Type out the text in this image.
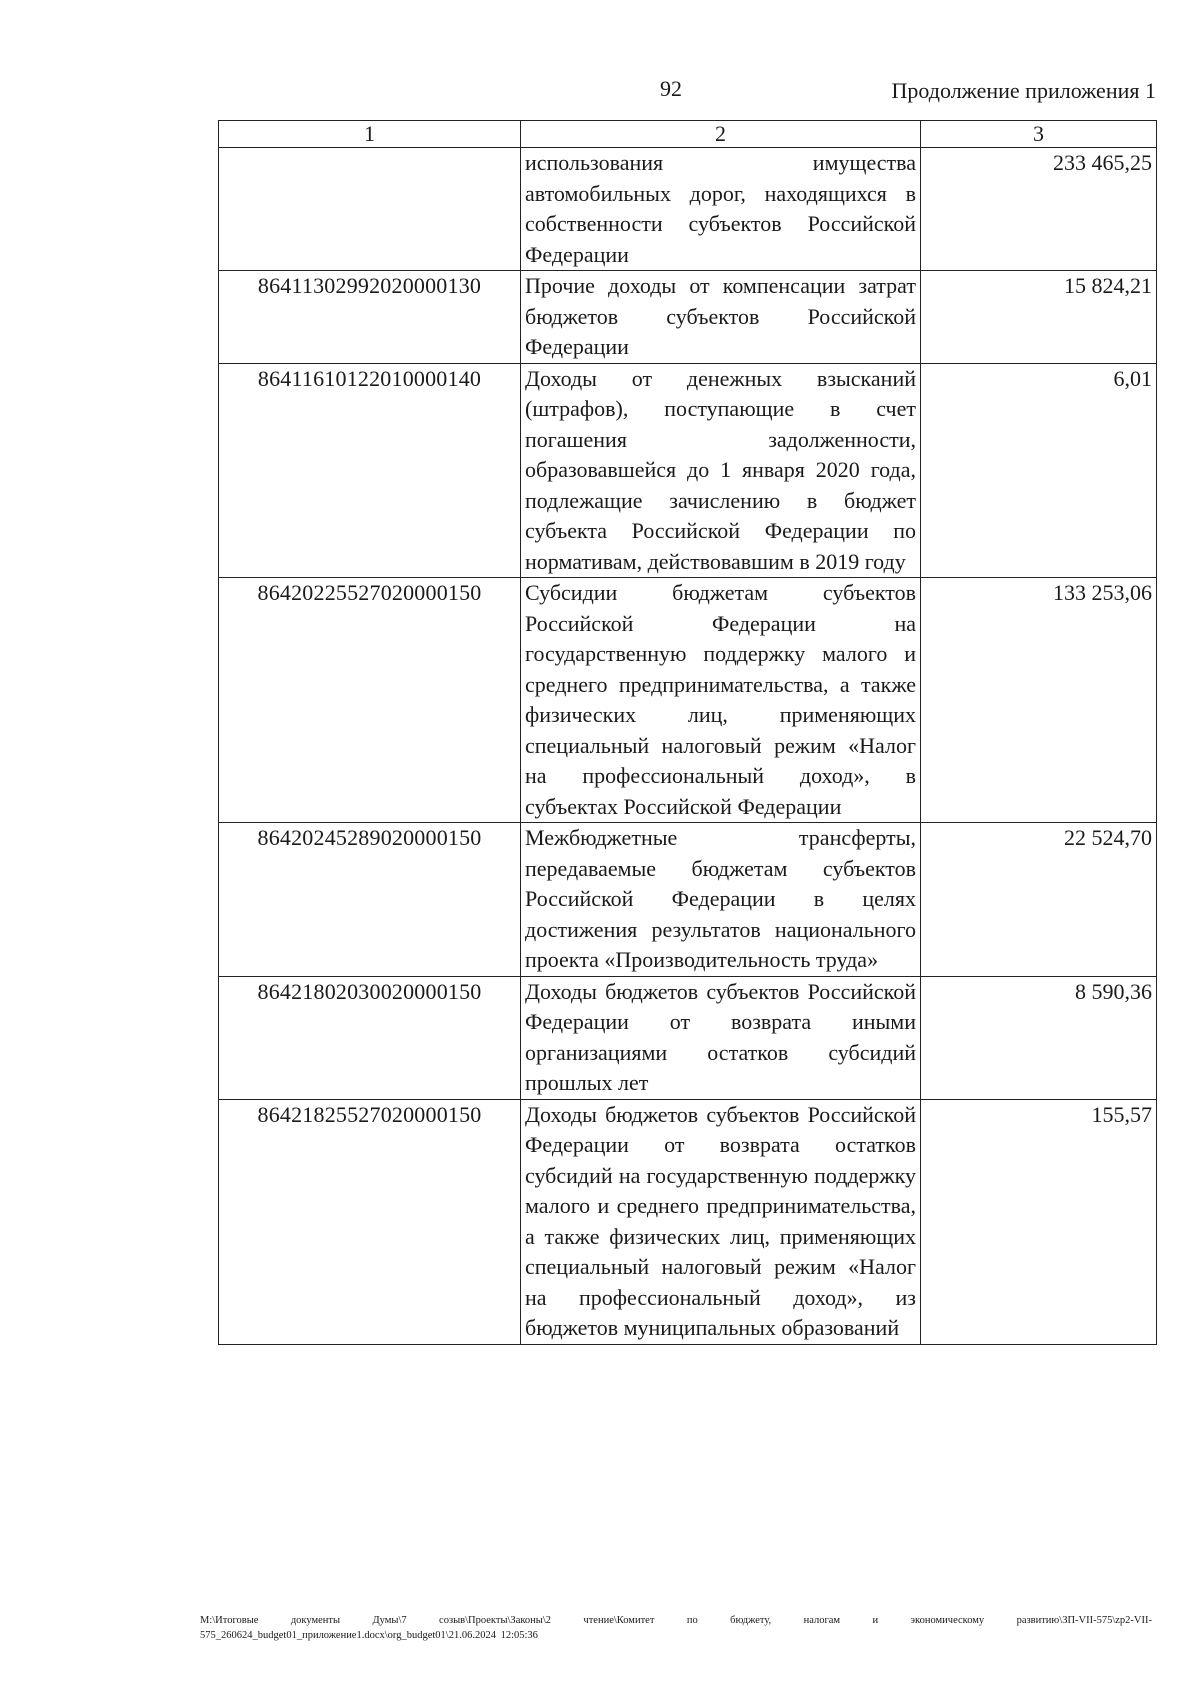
92	Продолжение приложения 1
1	2	3
	использования имущества автомобильных дорог, находящихся в собственности субъектов Российской Федерации	233 465,25
86411302992020000130	Прочие доходы от компенсации затрат бюджетов субъектов Российской Федерации	15 824,21
86411610122010000140	Доходы от денежных взысканий (штрафов), поступающие в счет погашения задолженности, образовавшейся до 1 января 2020 года, подлежащие зачислению в бюджет субъекта Российской Федерации по нормативам, действовавшим в 2019 году	6,01
86420225527020000150	Субсидии бюджетам субъектов Российской Федерации на государственную поддержку малого и среднего предпринимательства, а также физических лиц, применяющих специальный налоговый режим «Налог на профессиональный доход», в субъектах Российской Федерации	133 253,06
86420245289020000150	Межбюджетные трансферты, передаваемые бюджетам субъектов Российской Федерации в целях достижения результатов национального проекта «Производительность труда»	22 524,70
86421802030020000150	Доходы бюджетов субъектов Российской Федерации от возврата иными организациями остатков субсидий прошлых лет	8 590,36
86421825527020000150	Доходы бюджетов субъектов Российской Федерации от возврата остатков субсидий на государственную поддержку малого и среднего предпринимательства, а также физических лиц, применяющих специальный налоговый режим «Налог на профессиональный доход», из бюджетов муниципальных образований	155,57
М:\Итоговые документы Думы\7 созыв\Проекты\Законы\2 чтение\Комитет по бюджету, налогам и экономическому развитию\ЗП-VII-575\zp2-VII-575_260624_budget01_приложение1.docx\org_budget01\21.06.2024 12:05:36
